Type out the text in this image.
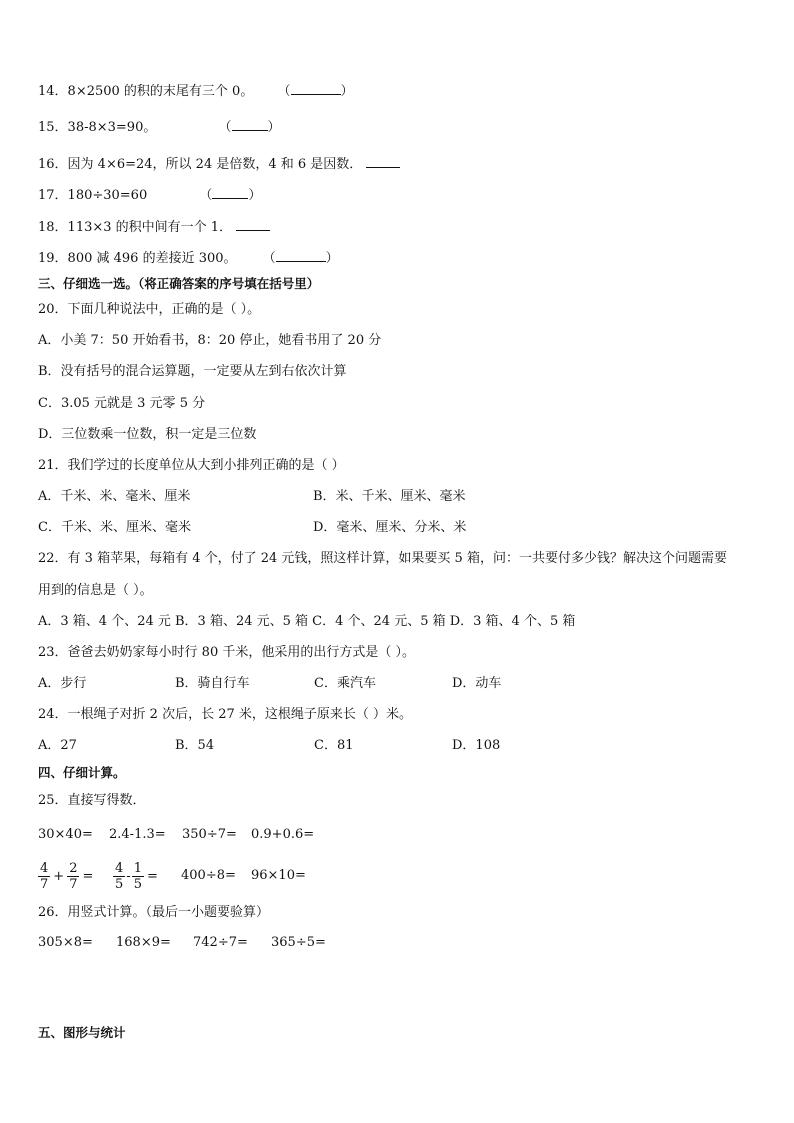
14．8×2500 的积的末尾有三个 0。 （	）
15．38-8×3=90。	（	）
16．因为 4×6=24，所以 24 是倍数，4 和 6 是因数．
17．180÷30=60	（	）
18．113×3 的积中间有一个 1．
19．800 减 496 的差接近 300。 （	）
三、仔细选一选。（将正确答案的序号填在括号里）
20．下面几种说法中，正确的是（ ）。
A．小美 7：50 开始看书，8：20 停止，她看书用了 20 分
B．没有括号的混合运算题，一定要从左到右依次计算
C．3.05 元就是 3 元零 5 分
D．三位数乘一位数，积一定是三位数
21．我们学过的长度单位从大到小排列正确的是（ ）
A．千米、米、毫米、厘米	B．米、千米、厘米、毫米
C．千米、米、厘米、毫米	D．毫米、厘米、分米、米
22．有 3 箱苹果，每箱有 4 个，付了 24 元钱，照这样计算，如果要买 5 箱，问：一共要付多少钱？解决这个问题需要
用到的信息是（ ）。
A．3 箱、4 个、24 元 B．3 箱、24 元、5 箱 C．4 个、24 元、5 箱 D．3 箱、4 个、5 箱
23．爸爸去奶奶家每小时行 80 千米，他采用的出行方式是（ ）。
A．步行	B．骑自行车	C．乘汽车	D．动车
24．一根绳子对折 2 次后，长 27 米，这根绳子原来长（ ）米。
A．27	B．54	C．81	D．108
四、仔细计算。
25．直接写得数．
30×40= 2.4-1.3= 350÷7= 0.9+0.6=
$\frac{4}{7} + \frac{2}{7} = \frac{4}{5} - \frac{1}{5} = 400\div 8= 96\times 10=$
26．用竖式计算。（最后一小题要验算）
305×8= 168×9= 742÷7= 365÷5=
五、图形与统计
